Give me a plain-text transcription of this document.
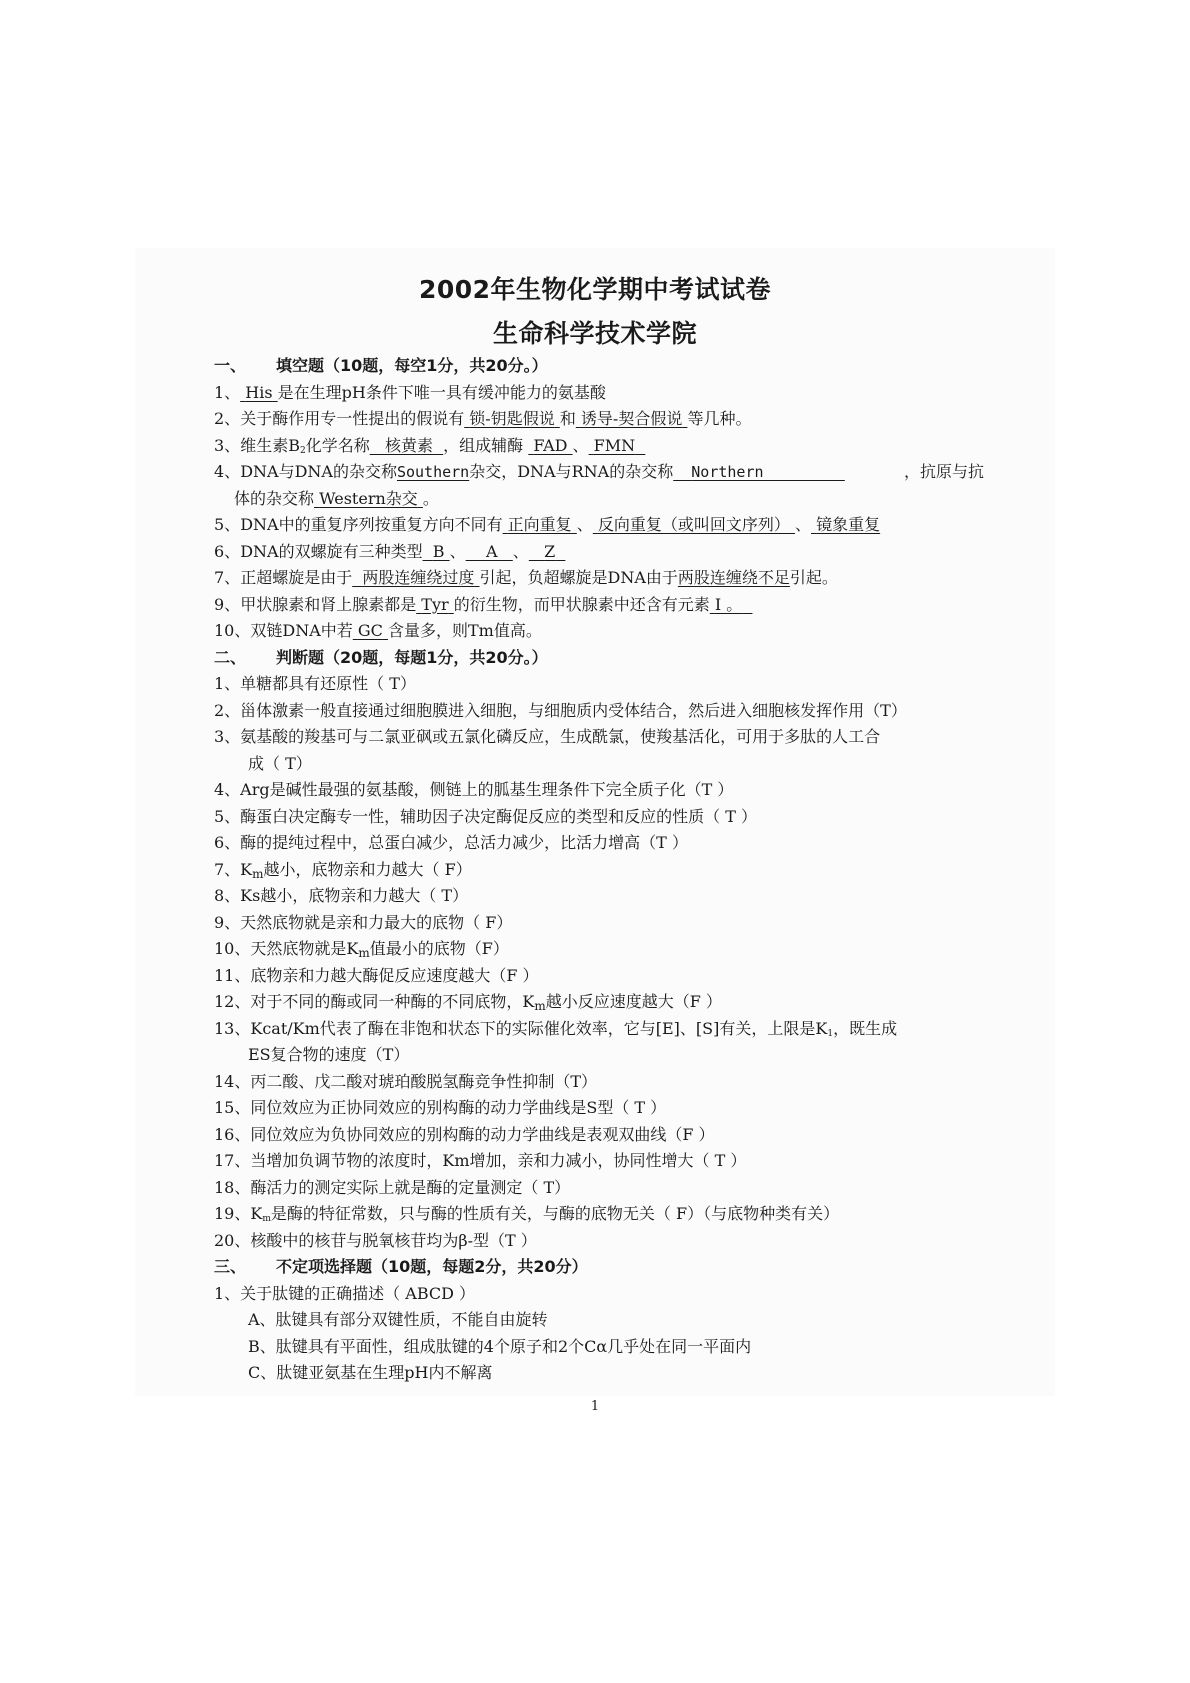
2002年生物化学期中考试试卷
生命科学技术学院
一、 填空题（10题，每空1分，共20分。）
1、 His 是在生理pH条件下唯一具有缓冲能力的氨基酸
2、关于酶作用专一性提出的假说有 锁-钥匙假说 和 诱导-契合假说 等几种。
3、维生素$B_2$化学名称 核黄素 ，组成辅酶 FAD 、 FMN
4、DNA与DNA的杂交称Southern杂交，DNA与RNA的杂交称 Northern	，抗原与抗
体的杂交称 Western杂交 。
5、DNA中的重复序列按重复方向不同有 正向重复 、 反向重复（或叫回文序列） 、 镜象重复
6、DNA的双螺旋有三种类型 B 、 A 、 Z
7、正超螺旋是由于 两股连缠绕过度 引起，负超螺旋是DNA由于两股连缠绕不足引起。
9、甲状腺素和肾上腺素都是 Tyr 的衍生物，而甲状腺素中还含有元素 I 。
10、双链DNA中若 GC 含量多，则Tm值高。
二、 判断题（20题，每题1分，共20分。）
1、单糖都具有还原性（ T）
2、甾体激素一般直接通过细胞膜进入细胞，与细胞质内受体结合，然后进入细胞核发挥作用（T）
3、氨基酸的羧基可与二氯亚砜或五氯化磷反应，生成酰氯，使羧基活化，可用于多肽的人工合
成（ T）
4、Arg是碱性最强的氨基酸，侧链上的胍基生理条件下完全质子化（T ）
5、酶蛋白决定酶专一性，辅助因子决定酶促反应的类型和反应的性质（ T ）
6、酶的提纯过程中，总蛋白减少，总活力减少，比活力增高（T ）
7、$K_m$越小，底物亲和力越大（ F）
8、Ks越小，底物亲和力越大（ T）
9、天然底物就是亲和力最大的底物（ F）
10、天然底物就是$K_m$值最小的底物（F）
11、底物亲和力越大酶促反应速度越大（F ）
12、对于不同的酶或同一种酶的不同底物，$K_m$越小反应速度越大（F ）
13、Kcat/Km代表了酶在非饱和状态下的实际催化效率，它与[E]、[S]有关，上限是$K_1$，既生成
ES复合物的速度（T）
14、丙二酸、戊二酸对琥珀酸脱氢酶竞争性抑制（T）
15、同位效应为正协同效应的别构酶的动力学曲线是S型（ T ）
16、同位效应为负协同效应的别构酶的动力学曲线是表观双曲线（F ）
17、当增加负调节物的浓度时，Km增加，亲和力减小，协同性增大（ T ）
18、酶活力的测定实际上就是酶的定量测定（ T）
19、$K_m$是酶的特征常数，只与酶的性质有关，与酶的底物无关（ F）（与底物种类有关）
20、核酸中的核苷与脱氧核苷均为β-型（T ）
三、 不定项选择题（10题，每题2分，共20分）
1、关于肽键的正确描述（ ABCD ）
A、肽键具有部分双键性质，不能自由旋转
B、肽键具有平面性，组成肽键的4个原子和2个Cα几乎处在同一平面内
C、肽键亚氨基在生理pH内不解离
1
